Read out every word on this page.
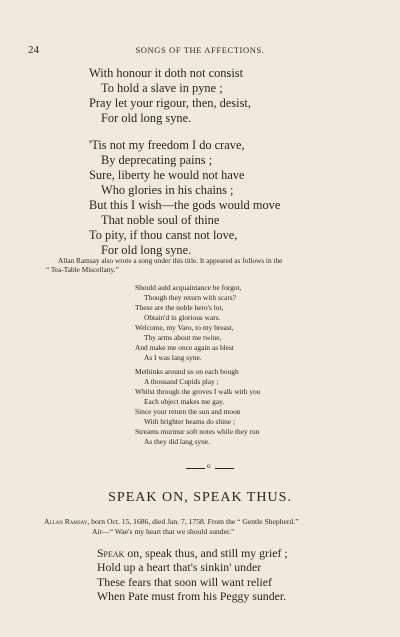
24	SONGS OF THE AFFECTIONS.
With honour it doth not consist
To hold a slave in pyne ;
Pray let your rigour, then, desist,
For old long syne.
'Tis not my freedom I do crave,
By deprecating pains ;
Sure, liberty he would not have
Who glories in his chains ;
But this I wish—the gods would move
That noble soul of thine
To pity, if thou canst not love,
For old long syne.
Allan Ramsay also wrote a song under this title. It appeared as follows in the
“ Tea-Table Miscellany.”
Should auld acquaintance be forgot,
Though they return with scars?
These are the noble hero's lot,
Obtain'd in glorious wars.
Welcome, my Varo, to my breast,
Thy arms about me twine,
And make me once again as blest
As I was lang syne.
Methinks around us on each bough
A thousand Cupids play ;
Whilst through the groves I walk with you
Each object makes me gay.
Since your return the sun and moon
With brighter beams do shine ;
Streams murmur soft notes while they run
As they did lang syne.
o
SPEAK ON, SPEAK THUS.
Allan Ramsay, born Oct. 15, 1686, died Jan. 7, 1758. From the “ Gentle Shepherd.”
Air—“ Wae's my heart that we should sunder.”
Speak on, speak thus, and still my grief ;
Hold up a heart that's sinkin' under
These fears that soon will want relief
When Pate must from his Peggy sunder.
